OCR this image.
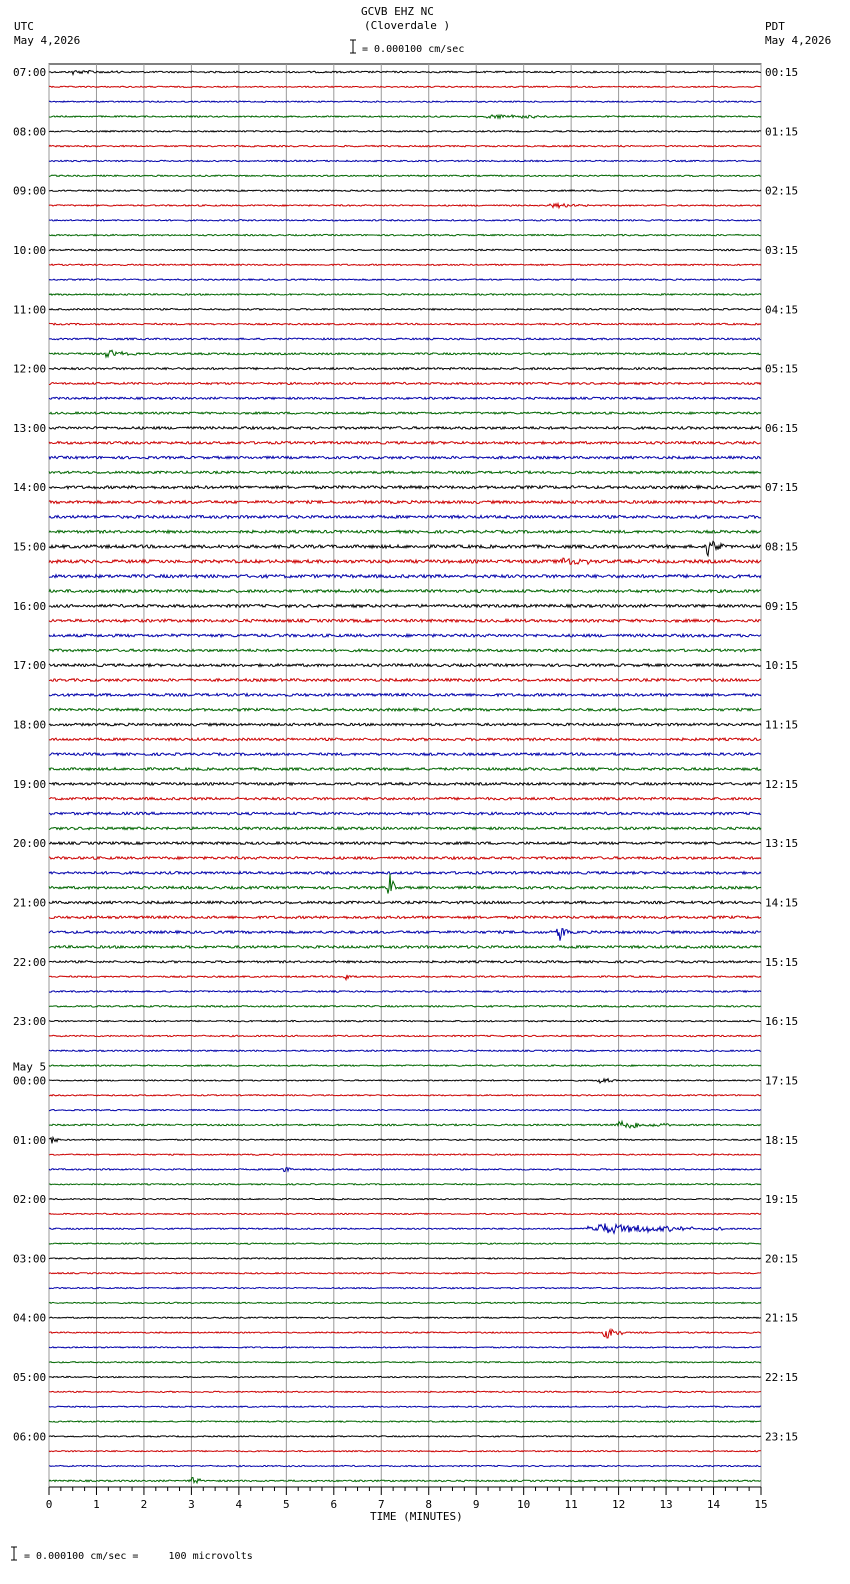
0	1	2	3	4	5	6	7	8	9	10	11	12	13	14	15
07:00
08:00
09:00
10:00
11:00
12:00
13:00
14:00
15:00
16:00
17:00
18:00
19:00
20:00
21:00
22:00
23:00
00:00
01:00
02:00
03:00
04:00
05:00
06:00
May 5
00:15
01:15
02:15
03:15
04:15
05:15
06:15
07:15
08:15
09:15
10:15
11:15
12:15
13:15
14:15
15:15
16:15
17:15
18:15
19:15
20:15
21:15
22:15
23:15
GCVB EHZ NC
(Cloverdale )
= 0.000100 cm/sec
UTC
May 4,2026
PDT
May 4,2026
TIME (MINUTES)
= 0.000100 cm/sec =     100 microvolts
